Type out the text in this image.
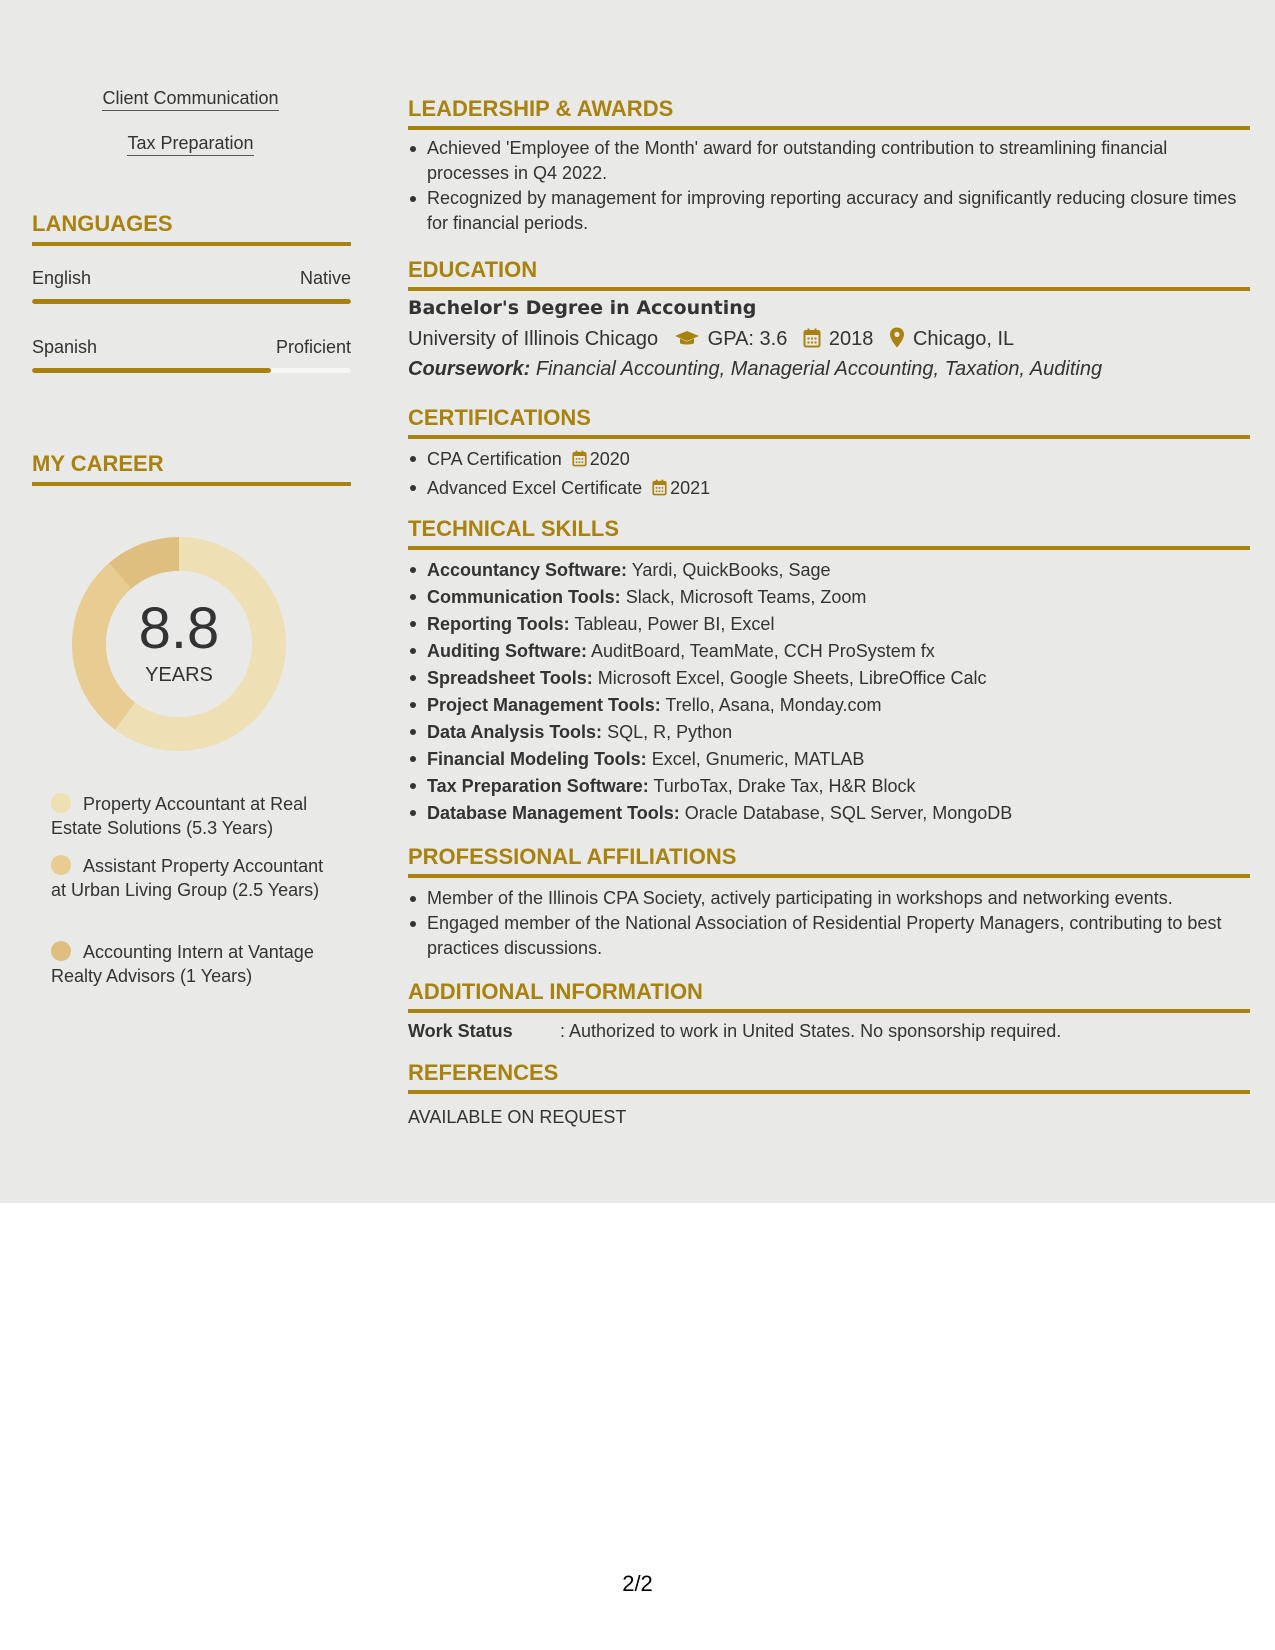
Client Communication
Tax Preparation
LANGUAGES
English	Native
Spanish	Proficient
MY CAREER
8.8
YEARS
Property Accountant at Real Estate Solutions (5.3 Years)
Assistant Property Accountant at Urban Living Group (2.5 Years)
Accounting Intern at Vantage Realty Advisors (1 Years)
LEADERSHIP & AWARDS
Achieved 'Employee of the Month' award for outstanding contribution to streamlining financial processes in Q4 2022.
Recognized by management for improving reporting accuracy and significantly reducing closure times for financial periods.
EDUCATION
Bachelor's Degree in Accounting
University of Illinois Chicago GPA: 3.6 2018 Chicago, IL
Coursework: Financial Accounting, Managerial Accounting, Taxation, Auditing
CERTIFICATIONS
CPA Certification 2020
Advanced Excel Certificate 2021
TECHNICAL SKILLS
Accountancy Software: Yardi, QuickBooks, Sage
Communication Tools: Slack, Microsoft Teams, Zoom
Reporting Tools: Tableau, Power BI, Excel
Auditing Software: AuditBoard, TeamMate, CCH ProSystem fx
Spreadsheet Tools: Microsoft Excel, Google Sheets, LibreOffice Calc
Project Management Tools: Trello, Asana, Monday.com
Data Analysis Tools: SQL, R, Python
Financial Modeling Tools: Excel, Gnumeric, MATLAB
Tax Preparation Software: TurboTax, Drake Tax, H&R Block
Database Management Tools: Oracle Database, SQL Server, MongoDB
PROFESSIONAL AFFILIATIONS
Member of the Illinois CPA Society, actively participating in workshops and networking events.
Engaged member of the National Association of Residential Property Managers, contributing to best practices discussions.
ADDITIONAL INFORMATION
Work Status	: Authorized to work in United States. No sponsorship required.
REFERENCES
AVAILABLE ON REQUEST
2/2
